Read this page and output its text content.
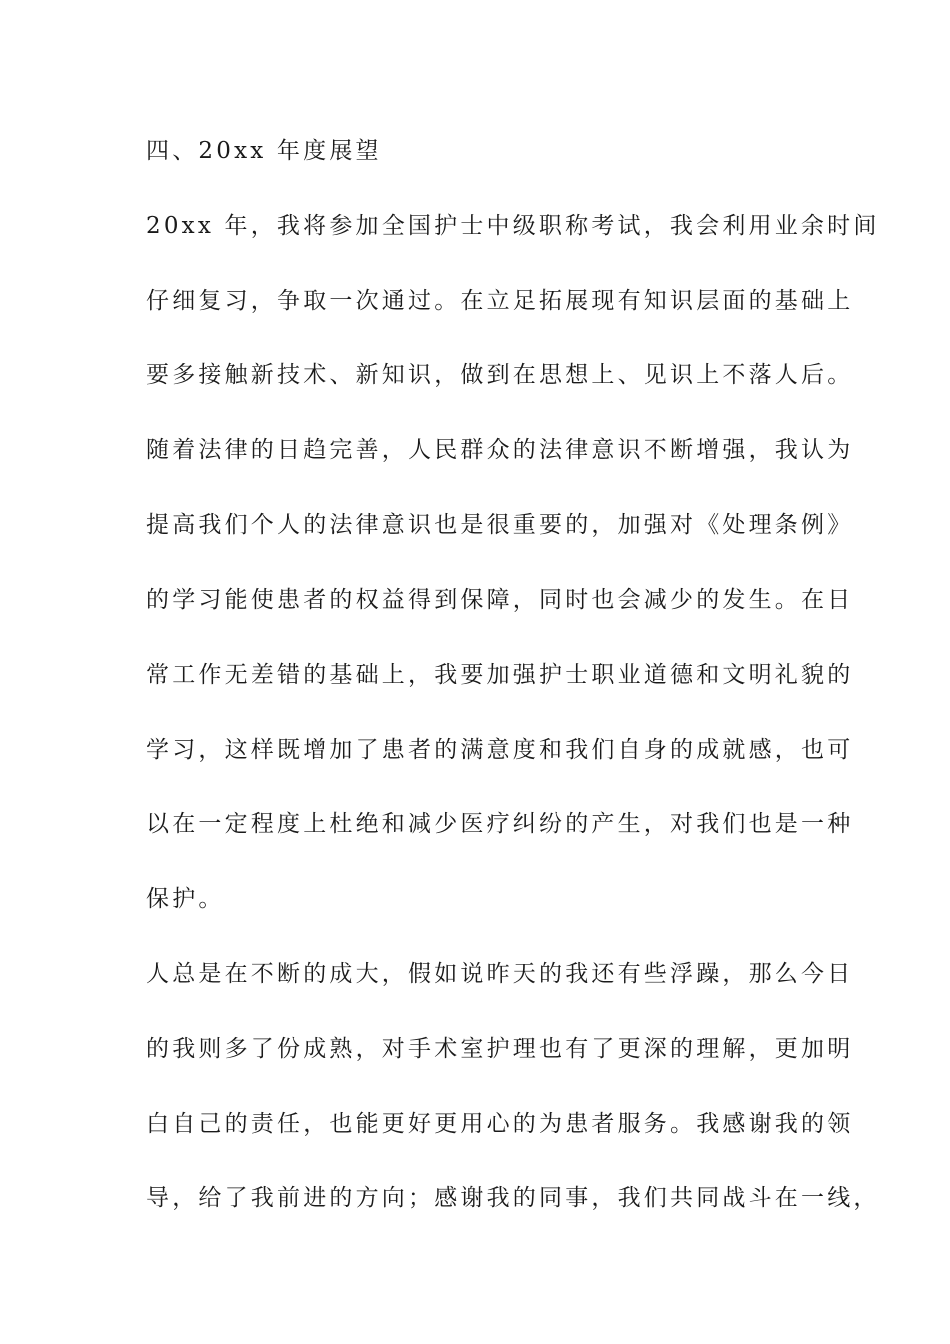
四、20xx 年度展望
20xx 年，我将参加全国护士中级职称考试，我会利用业余时间
仔细复习，争取一次通过。在立足拓展现有知识层面的基础上
要多接触新技术、新知识，做到在思想上、见识上不落人后。
随着法律的日趋完善，人民群众的法律意识不断增强，我认为
提高我们个人的法律意识也是很重要的，加强对《处理条例》
的学习能使患者的权益得到保障，同时也会减少的发生。在日
常工作无差错的基础上，我要加强护士职业道德和文明礼貌的
学习，这样既增加了患者的满意度和我们自身的成就感，也可
以在一定程度上杜绝和减少医疗纠纷的产生，对我们也是一种
保护。
人总是在不断的成大，假如说昨天的我还有些浮躁，那么今日
的我则多了份成熟，对手术室护理也有了更深的理解，更加明
白自己的责任，也能更好更用心的为患者服务。我感谢我的领
导，给了我前进的方向；感谢我的同事，我们共同战斗在一线，
